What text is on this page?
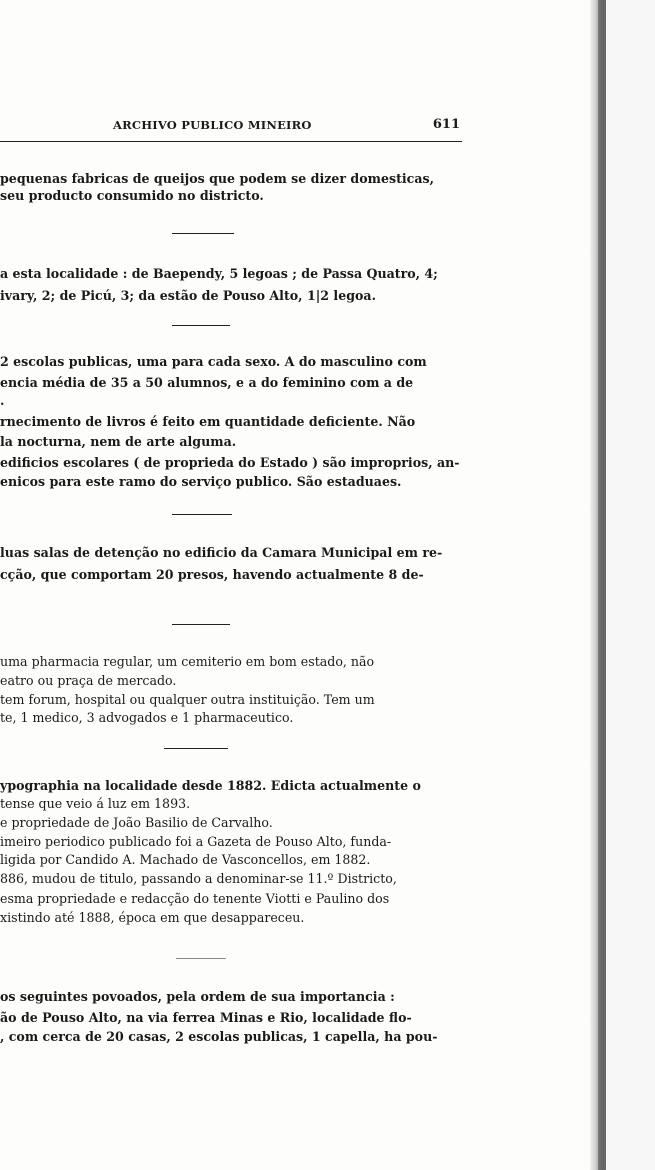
ARCHIVO PUBLICO MINEIRO	611
pequenas fabricas de queijos que podem se dizer domesticas,
seu producto consumido no districto.
a esta localidade : de Baependy, 5 legoas ; de Passa Quatro, 4;
ivary, 2; de Picú, 3; da estão de Pouso Alto, 1|2 legoa.
2 escolas publicas, uma para cada sexo. A do masculino com
encia média de 35 a 50 alumnos, e a do feminino com a de
.
rnecimento de livros é feito em quantidade deficiente. Não
la nocturna, nem de arte alguma.
edificios escolares ( de proprieda do Estado ) são improprios, an-
enicos para este ramo do serviço publico. São estaduaes.
luas salas de detenção no edificio da Camara Municipal em re-
cção, que comportam 20 presos, havendo actualmente 8 de-
uma pharmacia regular, um cemiterio em bom estado, não
eatro ou praça de mercado.
tem forum, hospital ou qualquer outra instituição. Tem um
te, 1 medico, 3 advogados e 1 pharmaceutico.
ypographia na localidade desde 1882. Edicta actualmente o
tense que veio á luz em 1893.
e propriedade de João Basilio de Carvalho.
imeiro periodico publicado foi a Gazeta de Pouso Alto, funda-
ligida por Candido A. Machado de Vasconcellos, em 1882.
886, mudou de titulo, passando a denominar-se 11.º Districto,
esma propriedade e redacção do tenente Viotti e Paulino dos
xistindo até 1888, época em que desappareceu.
os seguintes povoados, pela ordem de sua importancia :
ão de Pouso Alto, na via ferrea Minas e Rio, localidade flo-
, com cerca de 20 casas, 2 escolas publicas, 1 capella, ha pou-
